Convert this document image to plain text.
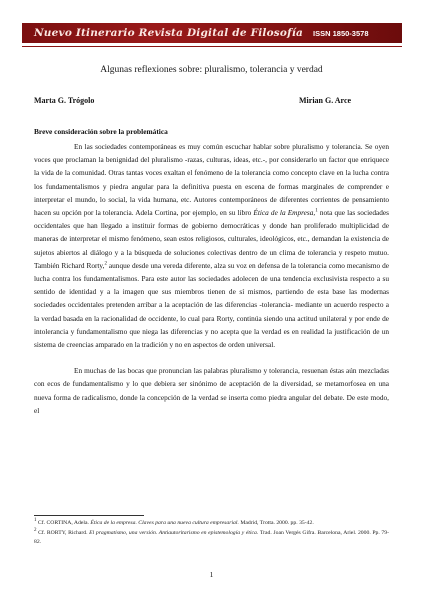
Nuevo Itinerario Revista Digital de Filosofía ISSN 1850-3578
Algunas reflexiones sobre: pluralismo, tolerancia y verdad
Marta G. Trógolo	Mirian G. Arce
Breve consideración sobre la problemática

En las sociedades contemporáneas es muy común escuchar hablar sobre pluralismo y tolerancia. Se oyen voces que proclaman la benignidad del pluralismo -razas, culturas, ideas, etc.-, por considerarlo un factor que enriquece la vida de la comunidad. Otras tantas voces exaltan el fenómeno de la tolerancia como concepto clave en la lucha contra los fundamentalismos y piedra angular para la definitiva puesta en escena de formas marginales de comprender e interpretar el mundo, lo social, la vida humana, etc. Autores contemporáneos de diferentes corrientes de pensamiento hacen su opción por la tolerancia. Adela Cortina, por ejemplo, en su libro Ética de la Empresa,$^1$ nota que las sociedades occidentales que han llegado a instituir formas de gobierno democráticas y donde han proliferado multiplicidad de maneras de interpretar el mismo fenómeno, sean estos religiosos, culturales, ideológicos, etc., demandan la existencia de sujetos abiertos al diálogo y a la búsqueda de soluciones colectivas dentro de un clima de tolerancia y respeto mutuo. También Richard Rorty,$^2$ aunque desde una vereda diferente, alza su voz en defensa de la tolerancia como mecanismo de lucha contra los fundamentalismos. Para este autor las sociedades adolecen de una tendencia exclusivista respecto a su sentido de identidad y a la imagen que sus miembros tienen de sí mismos, partiendo de esta base las modernas sociedades occidentales pretenden arribar a la aceptación de las diferencias -tolerancia- mediante un acuerdo respecto a la verdad basada en la racionalidad de occidente, lo cual para Rorty, continúa siendo una actitud unilateral y por ende de intolerancia y fundamentalismo que niega las diferencias y no acepta que la verdad es en realidad la justificación de un sistema de creencias amparado en la tradición y no en aspectos de orden universal.

En muchas de las bocas que pronuncian las palabras pluralismo y tolerancia, resuenan éstas aún mezcladas con ecos de fundamentalismo y lo que debiera ser sinónimo de aceptación de la diversidad, se metamorfosea en una nueva forma de radicalismo, donde la concepción de la verdad se inserta como piedra angular del debate. De este modo, el

$^1$ Cf. CORTINA, Adela. Ética de la empresa. Claves para una nueva cultura empresarial. Madrid, Trotta. 2000. pp. 35-42.

$^2$ Cf. RORTY, Richard. El pragmatismo, una versión. Antiautoritarismo en epistemología y ética. Trad. Joan Vergés Gifra. Barcelona, Ariel. 2000. Pp. 79-82.

1
